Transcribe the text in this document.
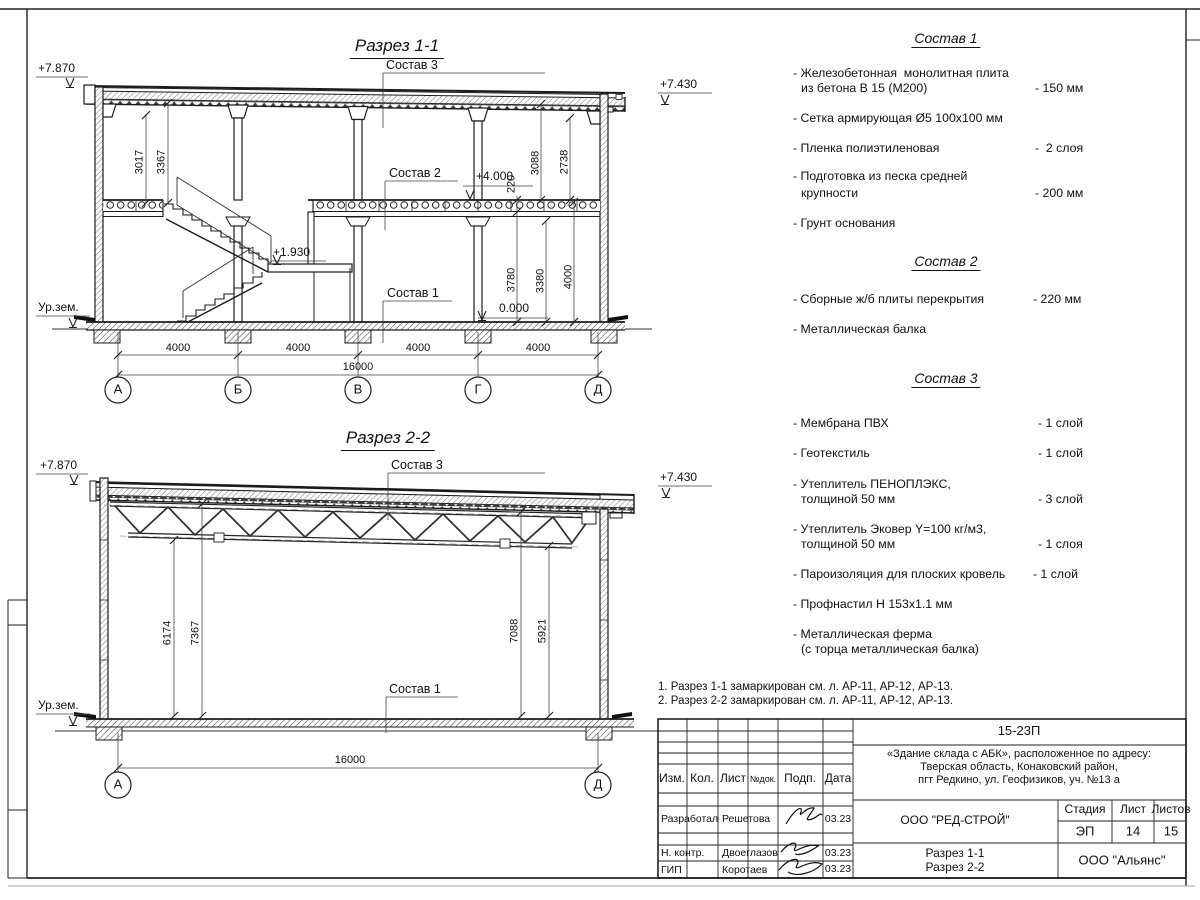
Разрез 1-1
+7.870
+7.430
Состав 3
Состав 2
Состав 1
+4.000
0.000
+1.930
Ур.зем.
3017 3367
220
3088 2738
3780 3380 4000
4000	4000	4000	4000
16000
А	Б	В	Г	Д
Разрез 2-2
+7.870
+7.430
Состав 3
Состав 1
Ур.зем.
6174 7367	7088 5921
16000
А	Д
Состав 1
- Железобетонная  монолитная плита
из бетона В 15 (М200)	- 150 мм
- Сетка армирующая Ø5 100x100 мм
- Пленка полиэтиленовая	-  2 слоя
- Подготовка из песка средней
крупности	- 200 мм
- Грунт основания
Состав 2
- Сборные ж/б плиты перекрытия	- 220 мм
- Металлическая балка
Состав 3
- Мембрана ПВХ	- 1 слой
- Геотекстиль	- 1 слой
- Утеплитель ПЕНОПЛЭКС,
толщиной 50 мм	- 3 слой
- Утеплитель Эковер Y=100 кг/м3,
толщиной 50 мм	- 1 слоя
- Пароизоляция для плоских кровель - 1 слой
- Профнастил Н 153х1.1 мм
- Металлическая ферма
(с торца металлическая балка)
1. Разрез 1-1 замаркирован см. л. АР-11, АР-12, АР-13.
2. Разрез 2-2 замаркирован см. л. АР-11, АР-12, АР-13.
15-23П
«Здание склада с АБК», расположенное по адресу:
Тверская область, Конаковский район,
пгт Редкино, ул. Геофизиков, уч. №13 а
Изм. Кол. Лист №док. Подп. Дата
Разработал Решетова	03.23
Н. контр. Двоеглазов	03.23
ГИП	Коротаев	03.23
ООО "РЕД-СТРОЙ"
Стадия Лист Листов
ЭП 14 15
Разрез 1-1
Разрез 2-2	ООО "Альянс"
